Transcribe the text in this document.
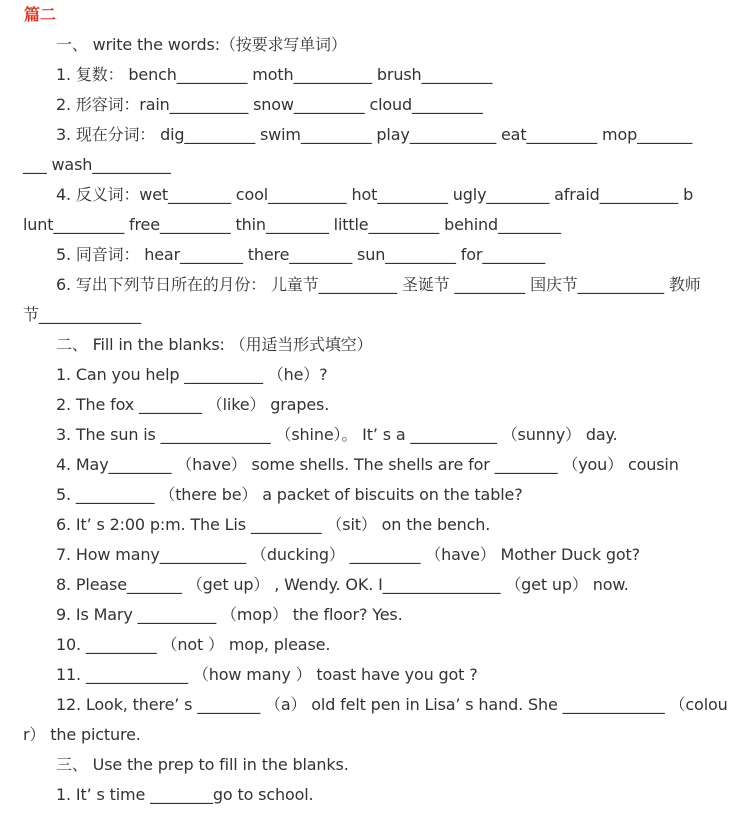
篇二
一、 write the words:（按要求写单词）
1. 复数： bench_________ moth__________ brush_________
2. 形容词：rain__________ snow_________ cloud_________
3. 现在分词： dig_________ swim_________ play___________ eat_________ mop_______
___ wash__________
4. 反义词：wet________ cool__________ hot_________ ugly________ afraid__________ b
lunt_________ free_________ thin________ little_________ behind________
5. 同音词： hear________ there________ sun_________ for________
6. 写出下列节日所在的月份： 儿童节__________ 圣诞节 _________ 国庆节___________ 教师
节_____________
二、 Fill in the blanks: （用适当形式填空）
1. Can you help __________ （he）?
2. The fox ________ （like） grapes.
3. The sun is ______________ （shine）。 It’ s a ___________ （sunny） day.
4. May________ （have） some shells. The shells are for ________ （you） cousin
5. __________ （there be） a packet of biscuits on the table?
6. It’ s 2:00 p:m. The Lis _________ （sit） on the bench.
7. How many___________ （ducking） _________ （have） Mother Duck got?
8. Please_______ （get up） , Wendy. OK. I_______________ （get up） now.
9. Is Mary __________ （mop） the floor? Yes.
10. _________ （not ） mop, please.
11. _____________ （how many ） toast have you got ?
12. Look, there’ s ________ （a） old felt pen in Lisa’ s hand. She _____________ （colou
r） the picture.
三、 Use the prep to fill in the blanks.
1. It’ s time ________go to school.
